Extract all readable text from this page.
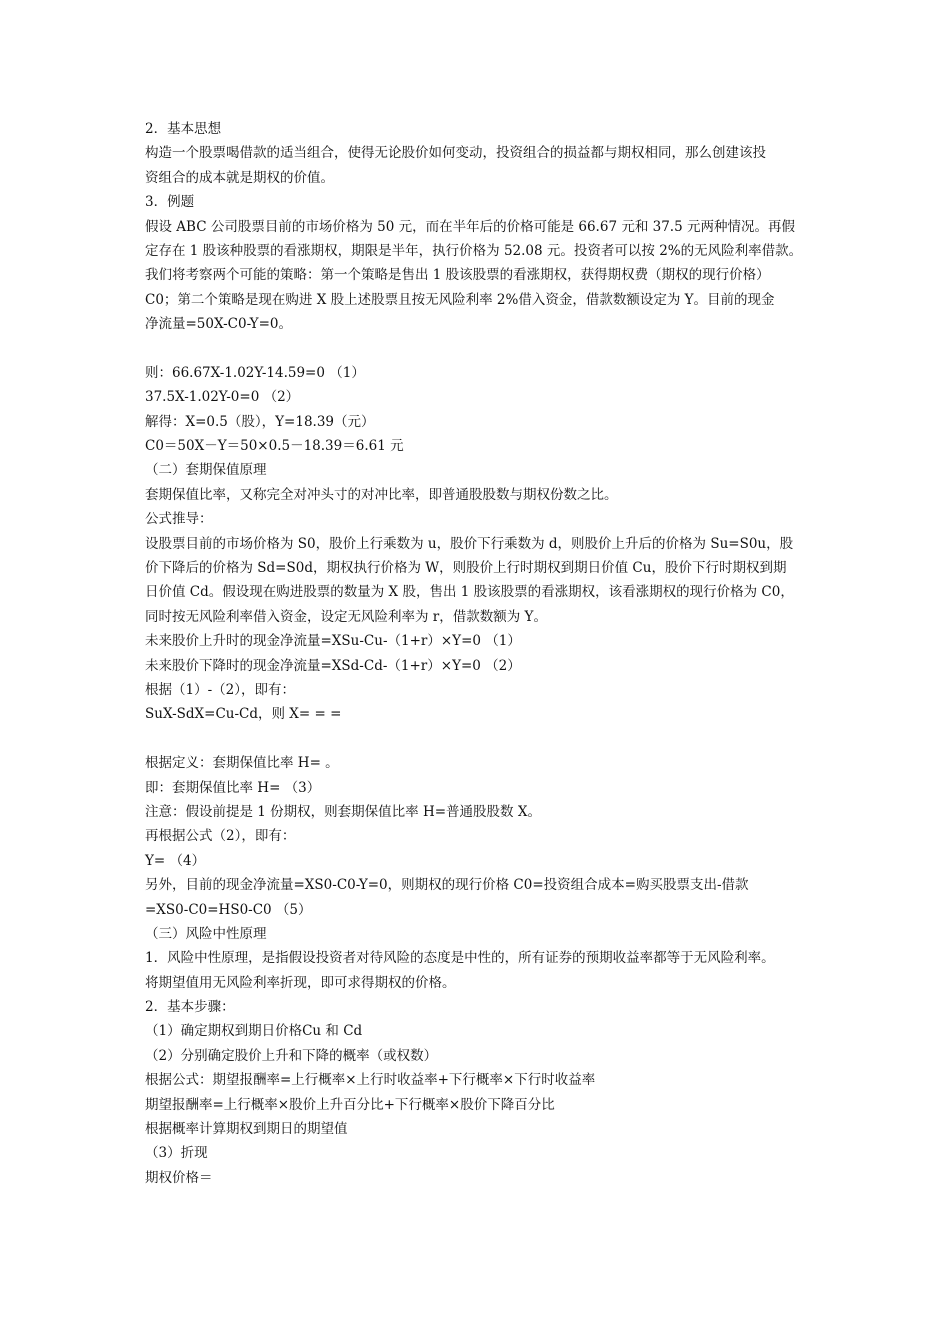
2．基本思想
构造一个股票喝借款的适当组合，使得无论股价如何变动，投资组合的损益都与期权相同，那么创建该投
资组合的成本就是期权的价值。
3．例题
假设 ABC 公司股票目前的市场价格为 50 元，而在半年后的价格可能是 66.67 元和 37.5 元两种情况。再假
定存在 1 股该种股票的看涨期权，期限是半年，执行价格为 52.08 元。投资者可以按 2%的无风险利率借款。
我们将考察两个可能的策略：第一个策略是售出 1 股该股票的看涨期权，获得期权费（期权的现行价格）
C0；第二个策略是现在购进 X 股上述股票且按无风险利率 2%借入资金，借款数额设定为 Y。目前的现金
净流量=50X-C0-Y=0。
则：66.67X-1.02Y-14.59=0 （1）
37.5X-1.02Y-0=0 （2）
解得：X=0.5（股），Y=18.39（元）
C0＝50X－Y＝50×0.5－18.39＝6.61 元
（二）套期保值原理
套期保值比率，又称完全对冲头寸的对冲比率，即普通股股数与期权份数之比。
公式推导：
设股票目前的市场价格为 S0，股价上行乘数为 u，股价下行乘数为 d，则股价上升后的价格为 Su=S0u，股
价下降后的价格为 Sd=S0d，期权执行价格为 W，则股价上行时期权到期日价值 Cu，股价下行时期权到期
日价值 Cd。假设现在购进股票的数量为 X 股，售出 1 股该股票的看涨期权，该看涨期权的现行价格为 C0，
同时按无风险利率借入资金，设定无风险利率为 r，借款数额为 Y。
未来股价上升时的现金净流量=XSu-Cu-（1+r）×Y=0 （1）
未来股价下降时的现金净流量=XSd-Cd-（1+r）×Y=0 （2）
根据（1）-（2），即有：
SuX-SdX=Cu-Cd，则 X= = =
根据定义：套期保值比率 H= 。
即：套期保值比率 H= （3）
注意：假设前提是 1 份期权，则套期保值比率 H=普通股股数 X。
再根据公式（2），即有：
Y= （4）
另外，目前的现金净流量=XS0-C0-Y=0，则期权的现行价格 C0=投资组合成本=购买股票支出-借款
=XS0-C0=HS0-C0 （5）
（三）风险中性原理
1．风险中性原理，是指假设投资者对待风险的态度是中性的，所有证券的预期收益率都等于无风险利率。
将期望值用无风险利率折现，即可求得期权的价格。
2．基本步骤：
（1）确定期权到期日价格Cu 和 Cd
（2）分别确定股价上升和下降的概率（或权数）
根据公式：期望报酬率=上行概率×上行时收益率+下行概率×下行时收益率
期望报酬率=上行概率×股价上升百分比+下行概率×股价下降百分比
根据概率计算期权到期日的期望值
（3）折现
期权价格＝
